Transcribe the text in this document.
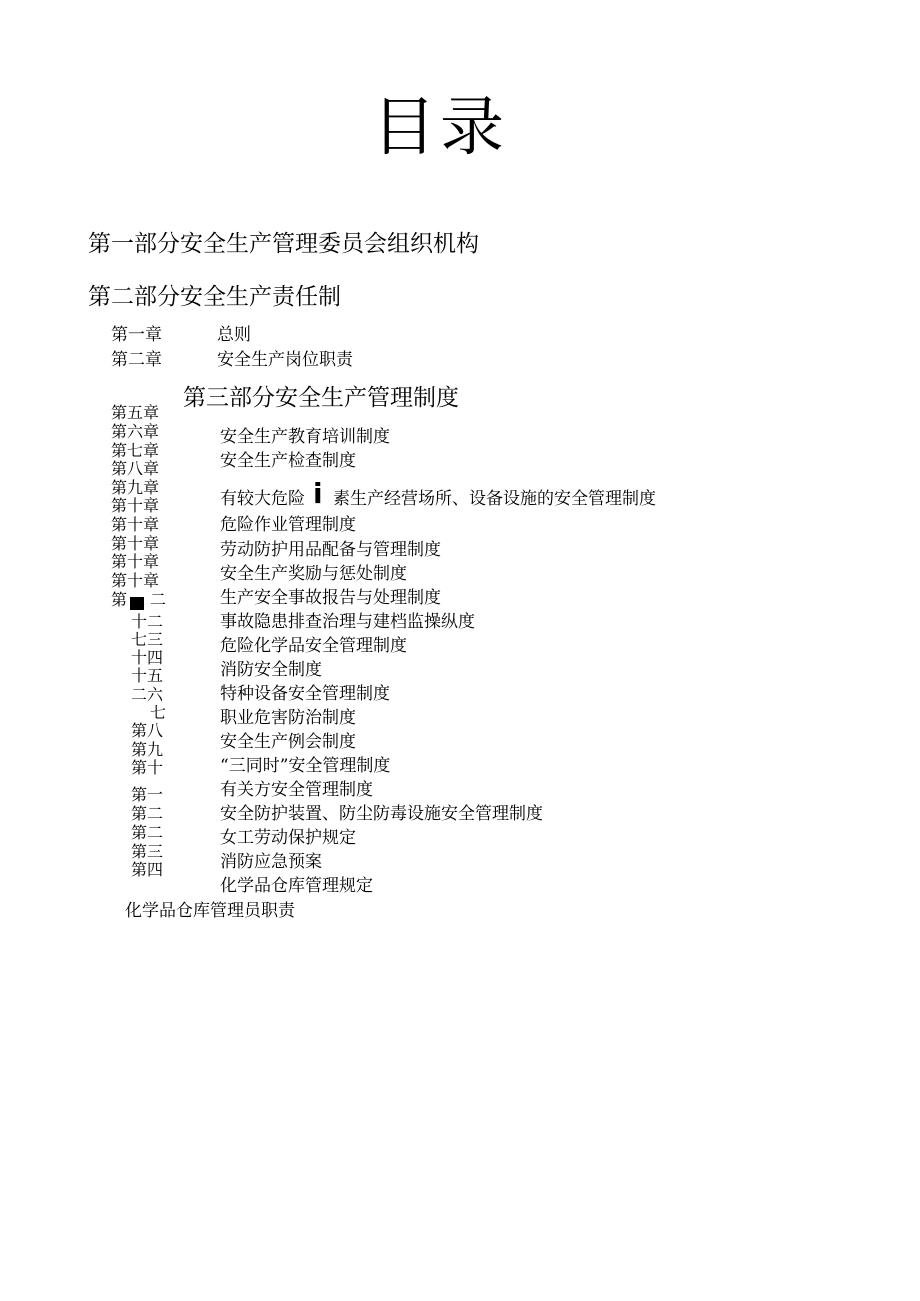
目录
第一部分安全生产管理委员会组织机构
第二部分安全生产责任制
第一章	总则
第二章	安全生产岗位职责
第三部分安全生产管理制度
第五章
第六章
第七章
第八章
第九章
第十章
第十章
第十章
第十章
第十章
第 二
十二
七三
十四
十五
二六
七
第八
第九
第十
第一
第二
第二
第三
第四
安全生产教育培训制度
安全生产检查制度
有较大危险 i 素生产经营场所、设备设施的安全管理制度
危险作业管理制度
劳动防护用品配备与管理制度
安全生产奖励与惩处制度
生产安全事故报告与处理制度
事故隐患排查治理与建档监操纵度
危险化学品安全管理制度
消防安全制度
特种设备安全管理制度
职业危害防治制度
安全生产例会制度
“三同时”安全管理制度
有关方安全管理制度
安全防护装置、防尘防毒设施安全管理制度
女工劳动保护规定
消防应急预案
化学品仓库管理规定
化学品仓库管理员职责
